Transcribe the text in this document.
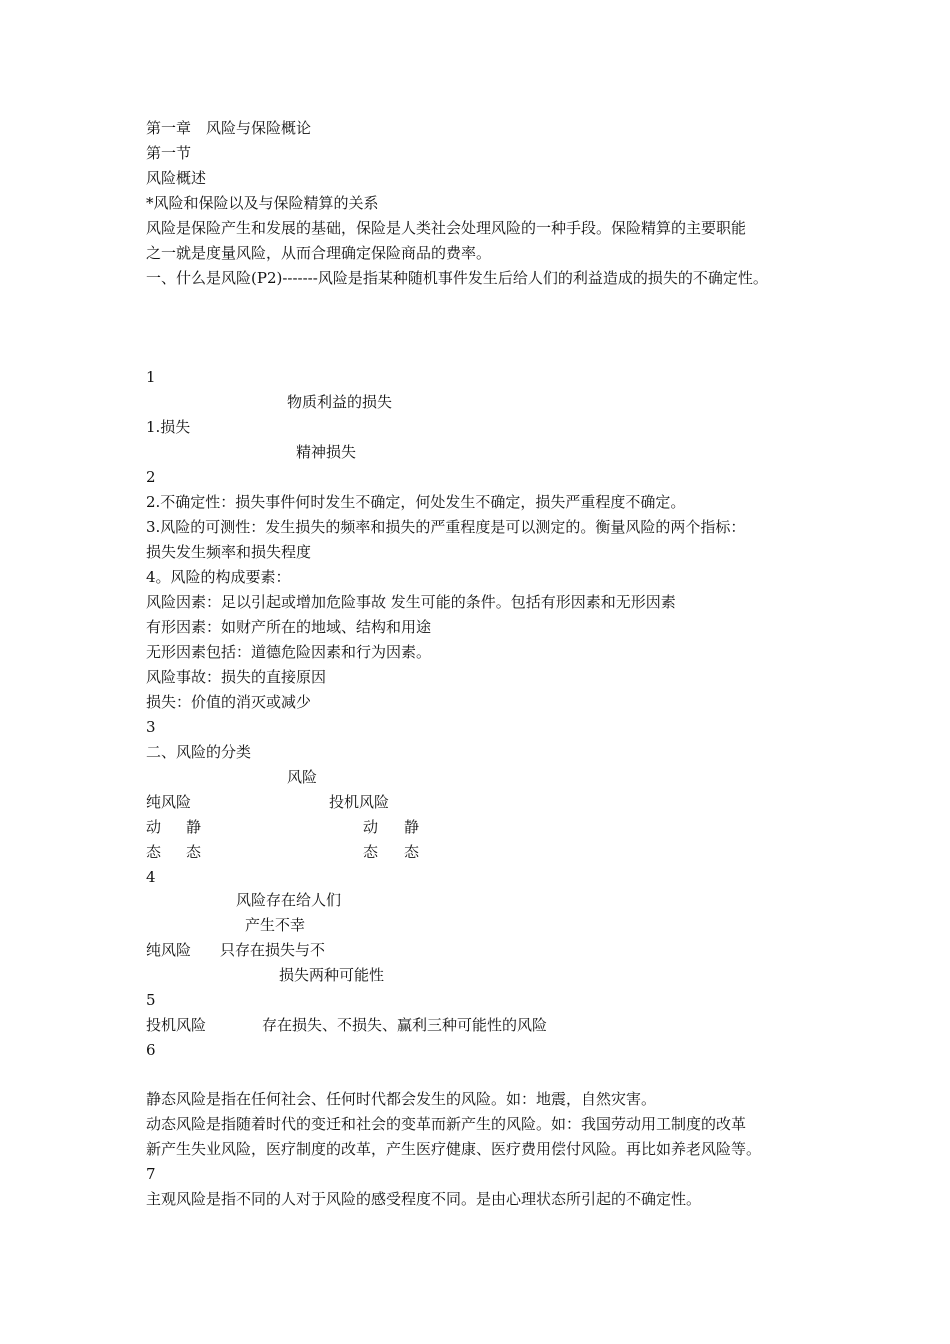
第一章　风险与保险概论
第一节
风险概述
*风险和保险以及与保险精算的关系
风险是保险产生和发展的基础，保险是人类社会处理风险的一种手段。保险精算的主要职能
之一就是度量风险，从而合理确定保险商品的费率。
一、什么是风险(P2)-------风险是指某种随机事件发生后给人们的利益造成的损失的不确定性。
1
物质利益的损失
1.损失
精神损失
2
2.不确定性：损失事件何时发生不确定，何处发生不确定，损失严重程度不确定。
3.风险的可测性：发生损失的频率和损失的严重程度是可以测定的。衡量风险的两个指标：
损失发生频率和损失程度
4。风险的构成要素：
风险因素：足以引起或增加危险事故 发生可能的条件。包括有形因素和无形因素
有形因素：如财产所在的地域、结构和用途
无形因素包括：道德危险因素和行为因素。
风险事故：损失的直接原因
损失：价值的消灭或减少
3
二、风险的分类
风险
纯风险	投机风险
动 静	动 静
态 态	态 态
4
风险存在给人们
产生不幸
纯风险 只存在损失与不
损失两种可能性
5
投机风险	存在损失、不损失、赢利三种可能性的风险
6
静态风险是指在任何社会、任何时代都会发生的风险。如：地震，自然灾害。
动态风险是指随着时代的变迁和社会的变革而新产生的风险。如：我国劳动用工制度的改革
新产生失业风险，医疗制度的改革，产生医疗健康、医疗费用偿付风险。再比如养老风险等。
7
主观风险是指不同的人对于风险的感受程度不同。是由心理状态所引起的不确定性。
